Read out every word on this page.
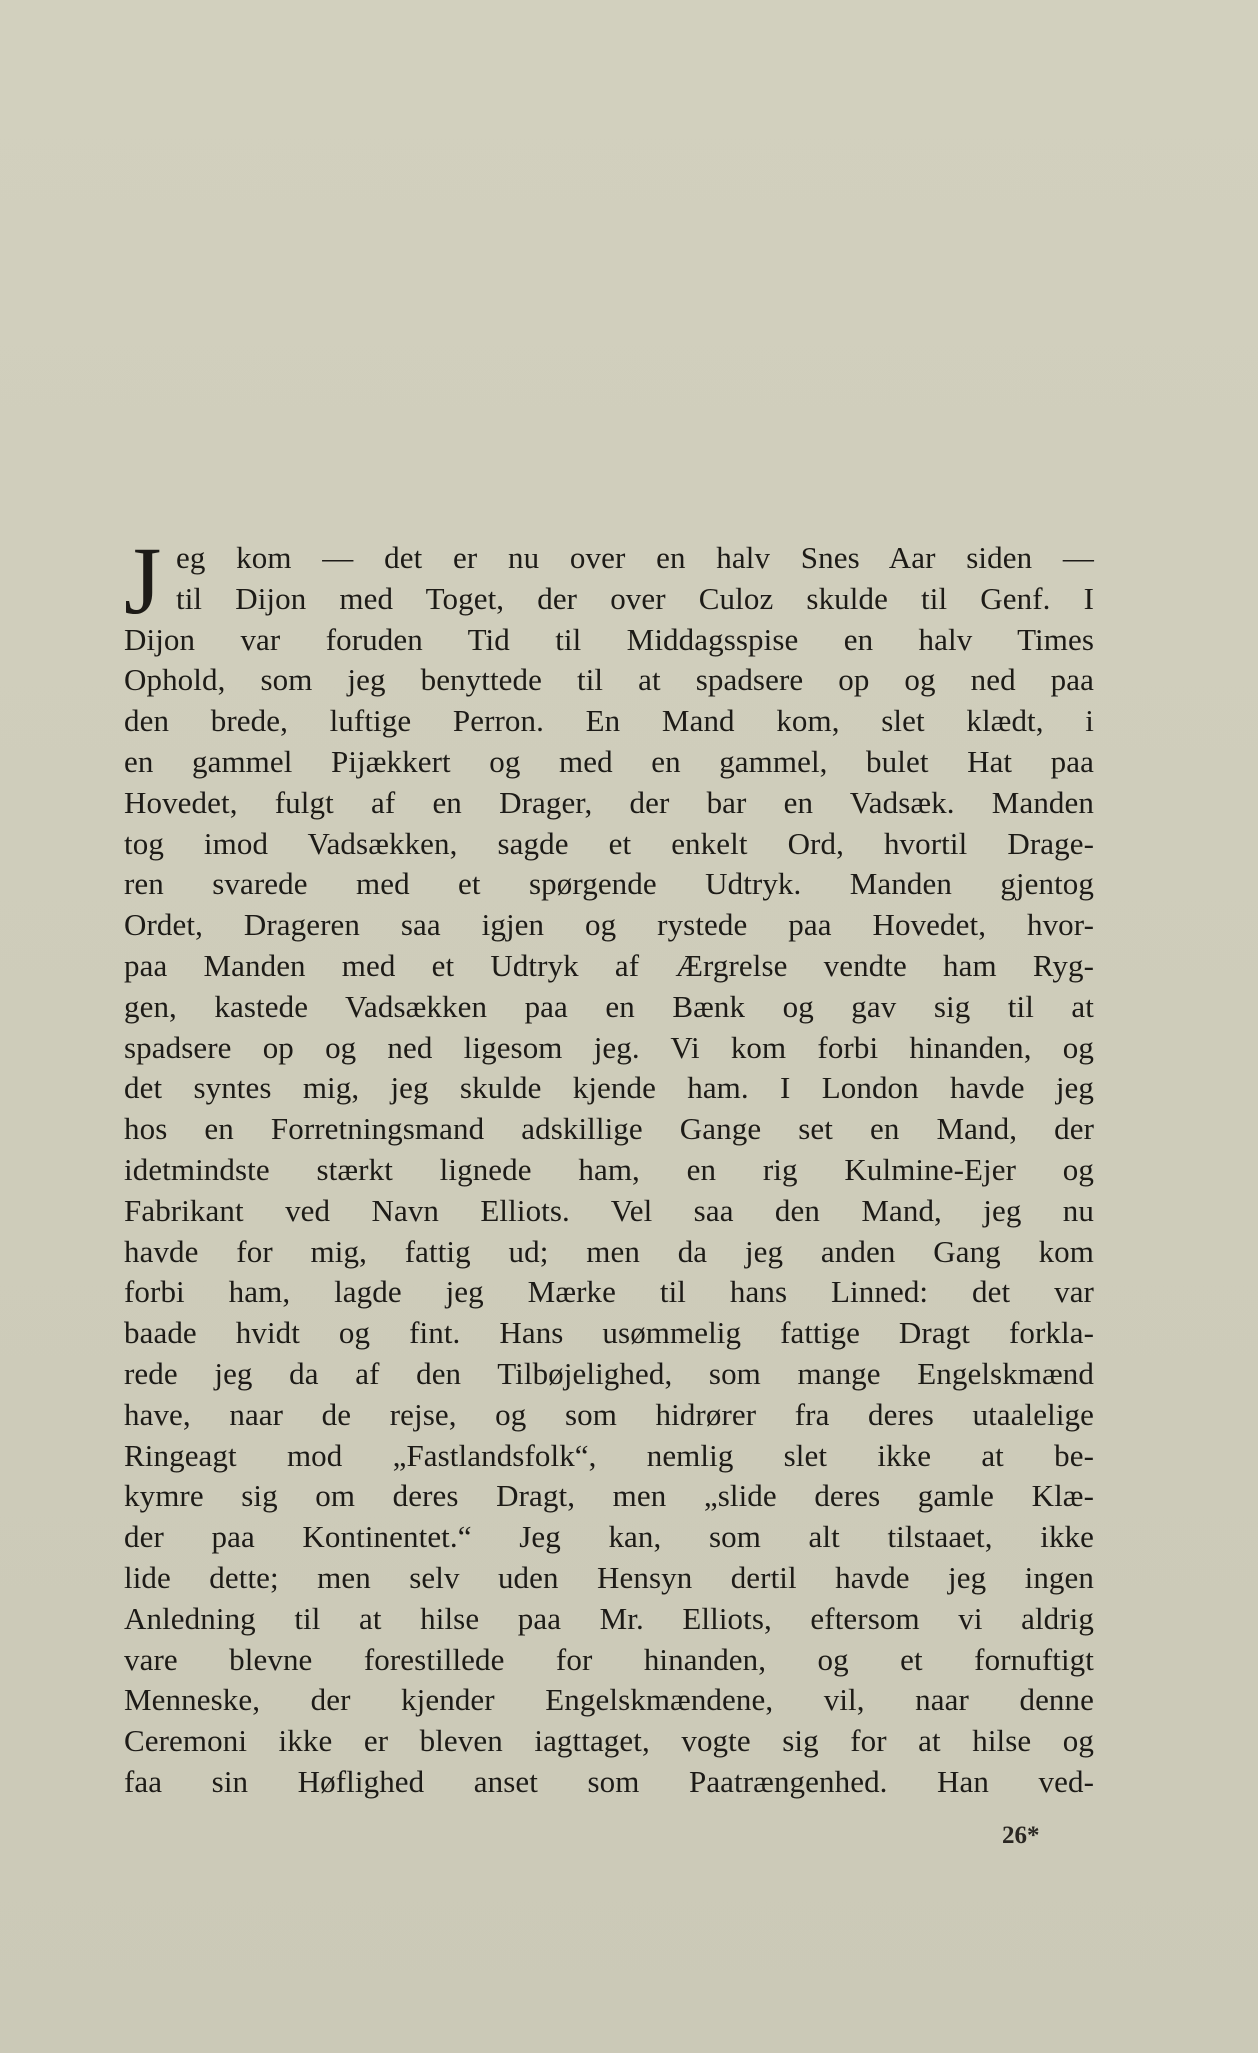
J eg kom — det er nu over en halv Snes Aar siden —
til Dijon med Toget, der over Culoz skulde til Genf. I
Dijon var foruden Tid til Middagsspise en halv Times
Ophold, som jeg benyttede til at spadsere op og ned paa
den brede, luftige Perron. En Mand kom, slet klædt, i
en gammel Pijækkert og med en gammel, bulet Hat paa
Hovedet, fulgt af en Drager, der bar en Vadsæk. Manden
tog imod Vadsækken, sagde et enkelt Ord, hvortil Drage-
ren svarede med et spørgende Udtryk. Manden gjentog
Ordet, Drageren saa igjen og rystede paa Hovedet, hvor-
paa Manden med et Udtryk af Ærgrelse vendte ham Ryg-
gen, kastede Vadsækken paa en Bænk og gav sig til at
spadsere op og ned ligesom jeg. Vi kom forbi hinanden, og
det syntes mig, jeg skulde kjende ham. I London havde jeg
hos en Forretningsmand adskillige Gange set en Mand, der
idetmindste stærkt lignede ham, en rig Kulmine-Ejer og
Fabrikant ved Navn Elliots. Vel saa den Mand, jeg nu
havde for mig, fattig ud; men da jeg anden Gang kom
forbi ham, lagde jeg Mærke til hans Linned: det var
baade hvidt og fint. Hans usømmelig fattige Dragt forkla-
rede jeg da af den Tilbøjelighed, som mange Engelskmænd
have, naar de rejse, og som hidrører fra deres utaalelige
Ringeagt mod „Fastlandsfolk“, nemlig slet ikke at be-
kymre sig om deres Dragt, men „slide deres gamle Klæ-
der paa Kontinentet.“ Jeg kan, som alt tilstaaet, ikke
lide dette; men selv uden Hensyn dertil havde jeg ingen
Anledning til at hilse paa Mr. Elliots, eftersom vi aldrig
vare blevne forestillede for hinanden, og et fornuftigt
Menneske, der kjender Engelskmændene, vil, naar denne
Ceremoni ikke er bleven iagttaget, vogte sig for at hilse og
faa sin Høflighed anset som Paatrængenhed. Han ved-
26*
